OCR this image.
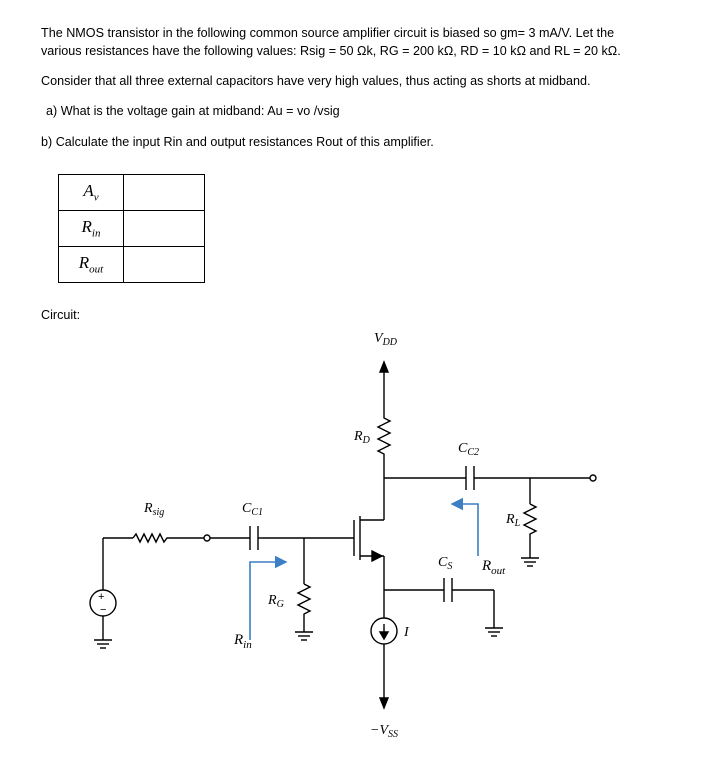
The NMOS transistor in the following common source amplifier circuit is biased so gm= 3 mA/V. Let the
various resistances have the following values: Rsig = 50 Ωk, RG = 200 kΩ, RD = 10 kΩ and RL = 20 kΩ.
Consider that all three external capacitors have very high values, thus acting as shorts at midband.
a) What is the voltage gain at midband: Au = vo /vsig
b) Calculate the input Rin and output resistances Rout of this amplifier.
$A_v$	
$R_{in}$	
$R_{out}$	
Circuit:
+
−
$V_{DD}$
$R_D$
$C_{C2}$
$R_{sig}$	$C_{C1}$	$R_L$
$C_S$ $R_{out}$
$R_G$
$R_{in}$
I
$-V_{SS}$
